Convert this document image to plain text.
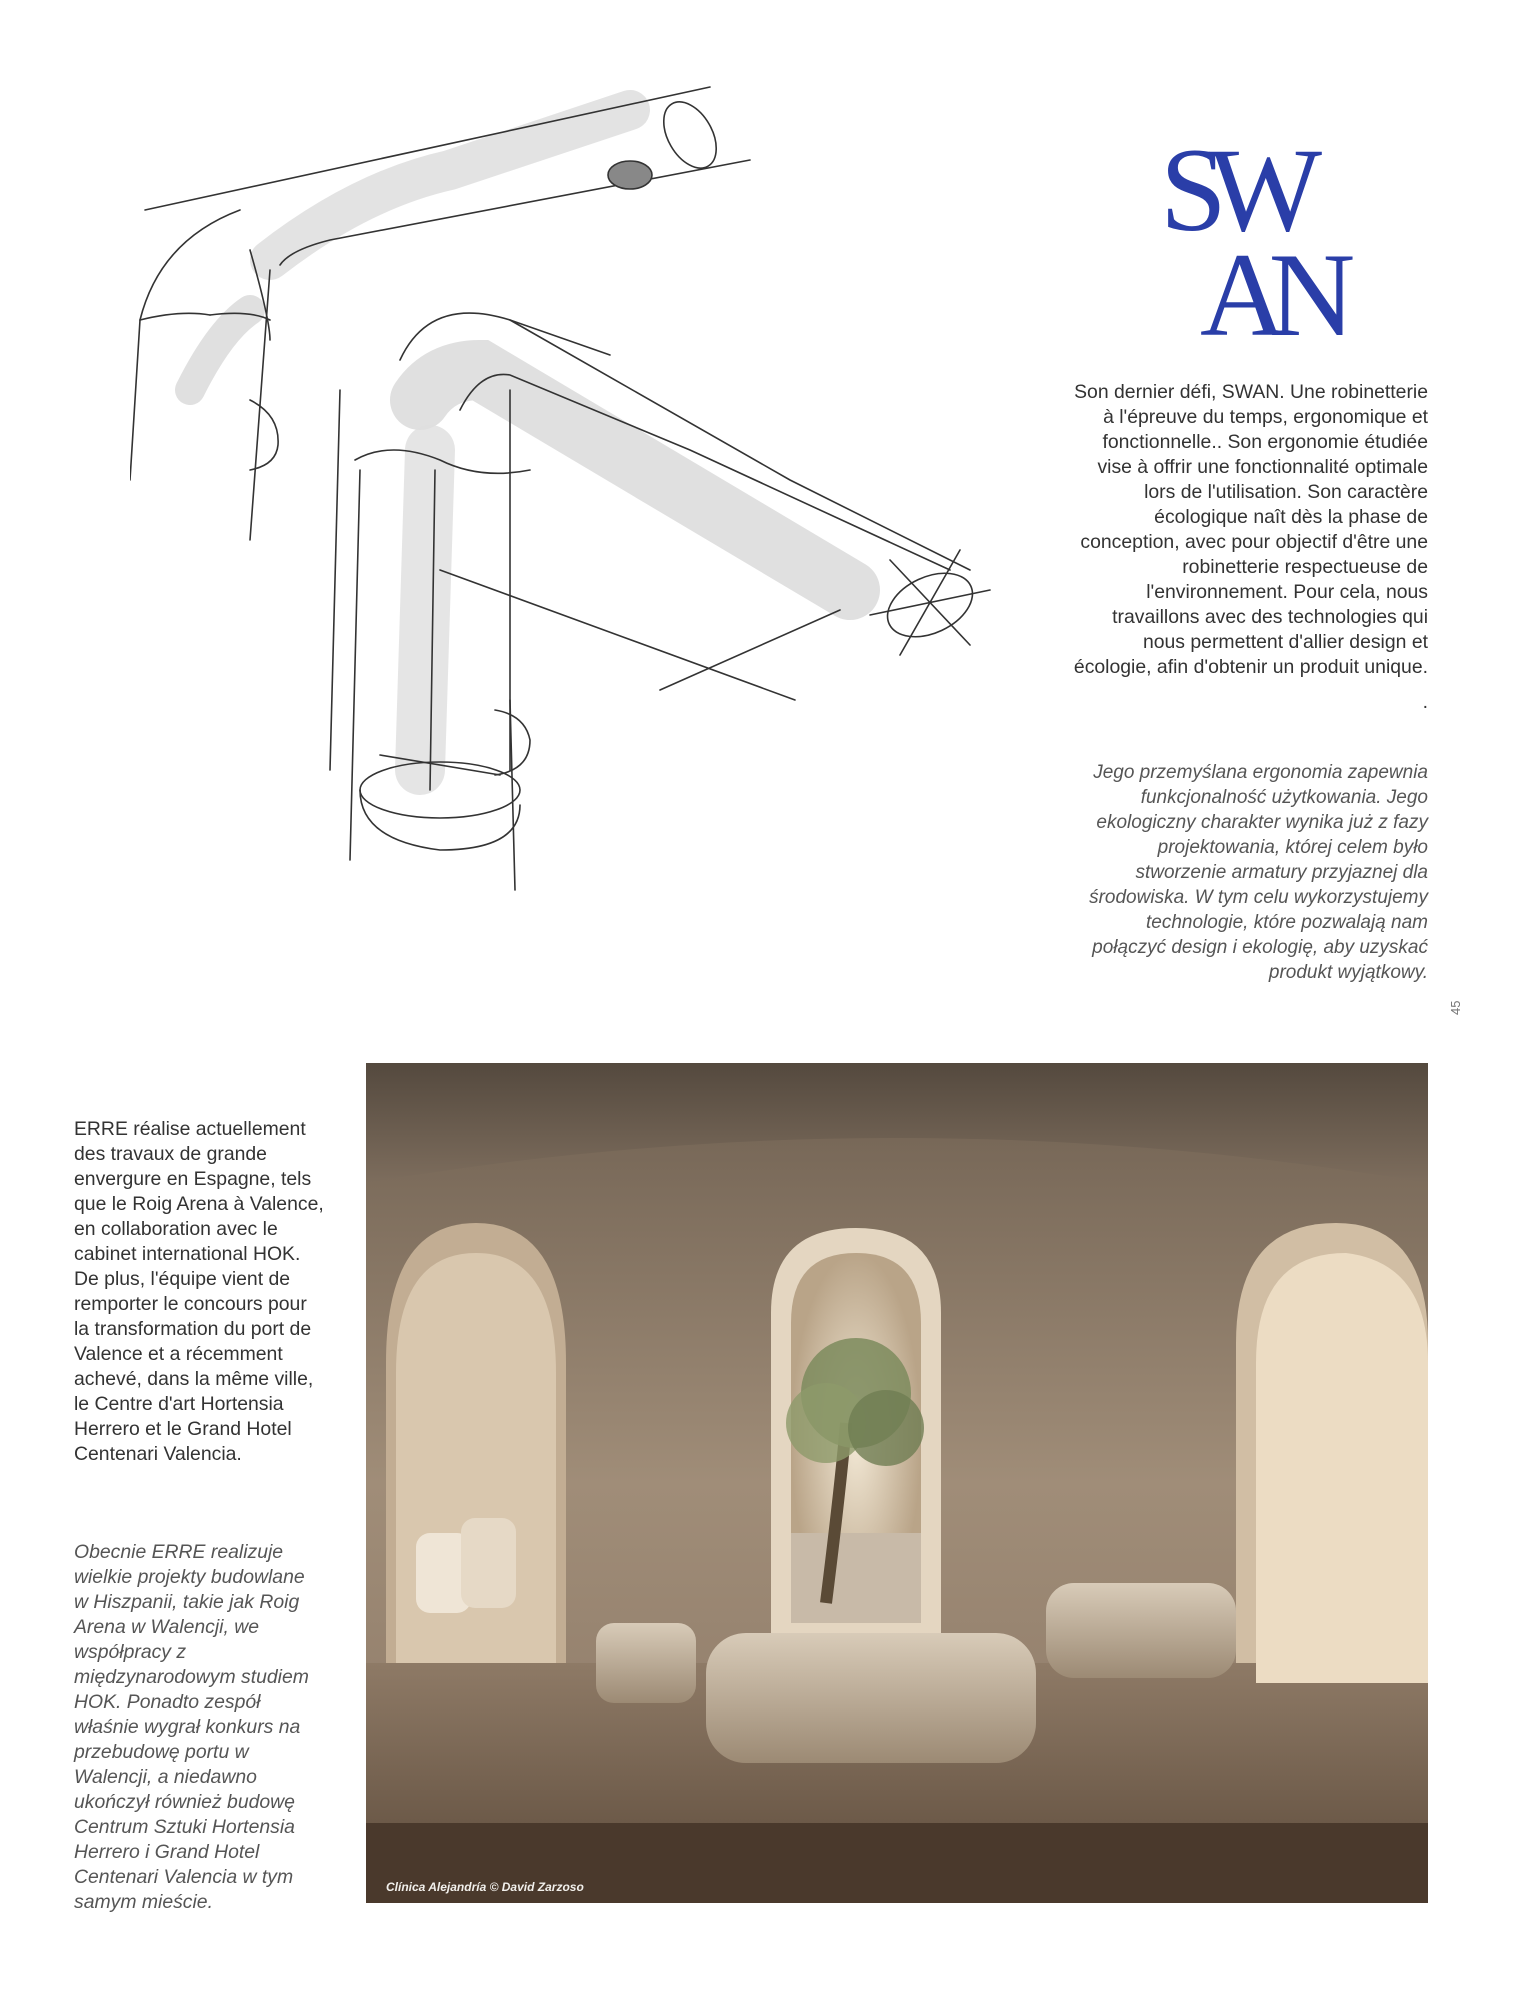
SW
AN

Son dernier défi, SWAN. Une robinetterie à l'épreuve du temps, ergonomique et fonctionnelle.. Son ergonomie étudiée vise à offrir une fonctionnalité optimale lors de l'utilisation. Son caractère écologique naît dès la phase de conception, avec pour objectif d'être une robinetterie respectueuse de l'environnement. Pour cela, nous travaillons avec des technologies qui nous permettent d'allier design et écologie, afin d'obtenir un produit unique.

.

Jego przemyślana ergonomia zapewnia funkcjonalność użytkowania. Jego ekologiczny charakter wynika już z fazy projektowania, której celem było stworzenie armatury przyjaznej dla środowiska. W tym celu wykorzystujemy technologie, które pozwalają nam połączyć design i ekologię, aby uzyskać produkt wyjątkowy.

45
ERRE réalise actuellement des travaux de grande envergure en Espagne, tels que le Roig Arena à Valence, en collaboration avec le cabinet international HOK. De plus, l'équipe vient de remporter le concours pour la transformation du port de Valence et a récemment achevé, dans la même ville, le Centre d'art Hortensia Herrero et le Grand Hotel Centenari Valencia.
Obecnie ERRE realizuje wielkie projekty budowlane w Hiszpanii, takie jak Roig Arena w Walencji, we współpracy z międzynarodowym studiem HOK. Ponadto zespół właśnie wygrał konkurs na przebudowę portu w Walencji, a niedawno ukończył również budowę Centrum Sztuki Hortensia Herrero i Grand Hotel Centenari Valencia w tym samym mieście.
Clínica Alejandría © David Zarzoso
